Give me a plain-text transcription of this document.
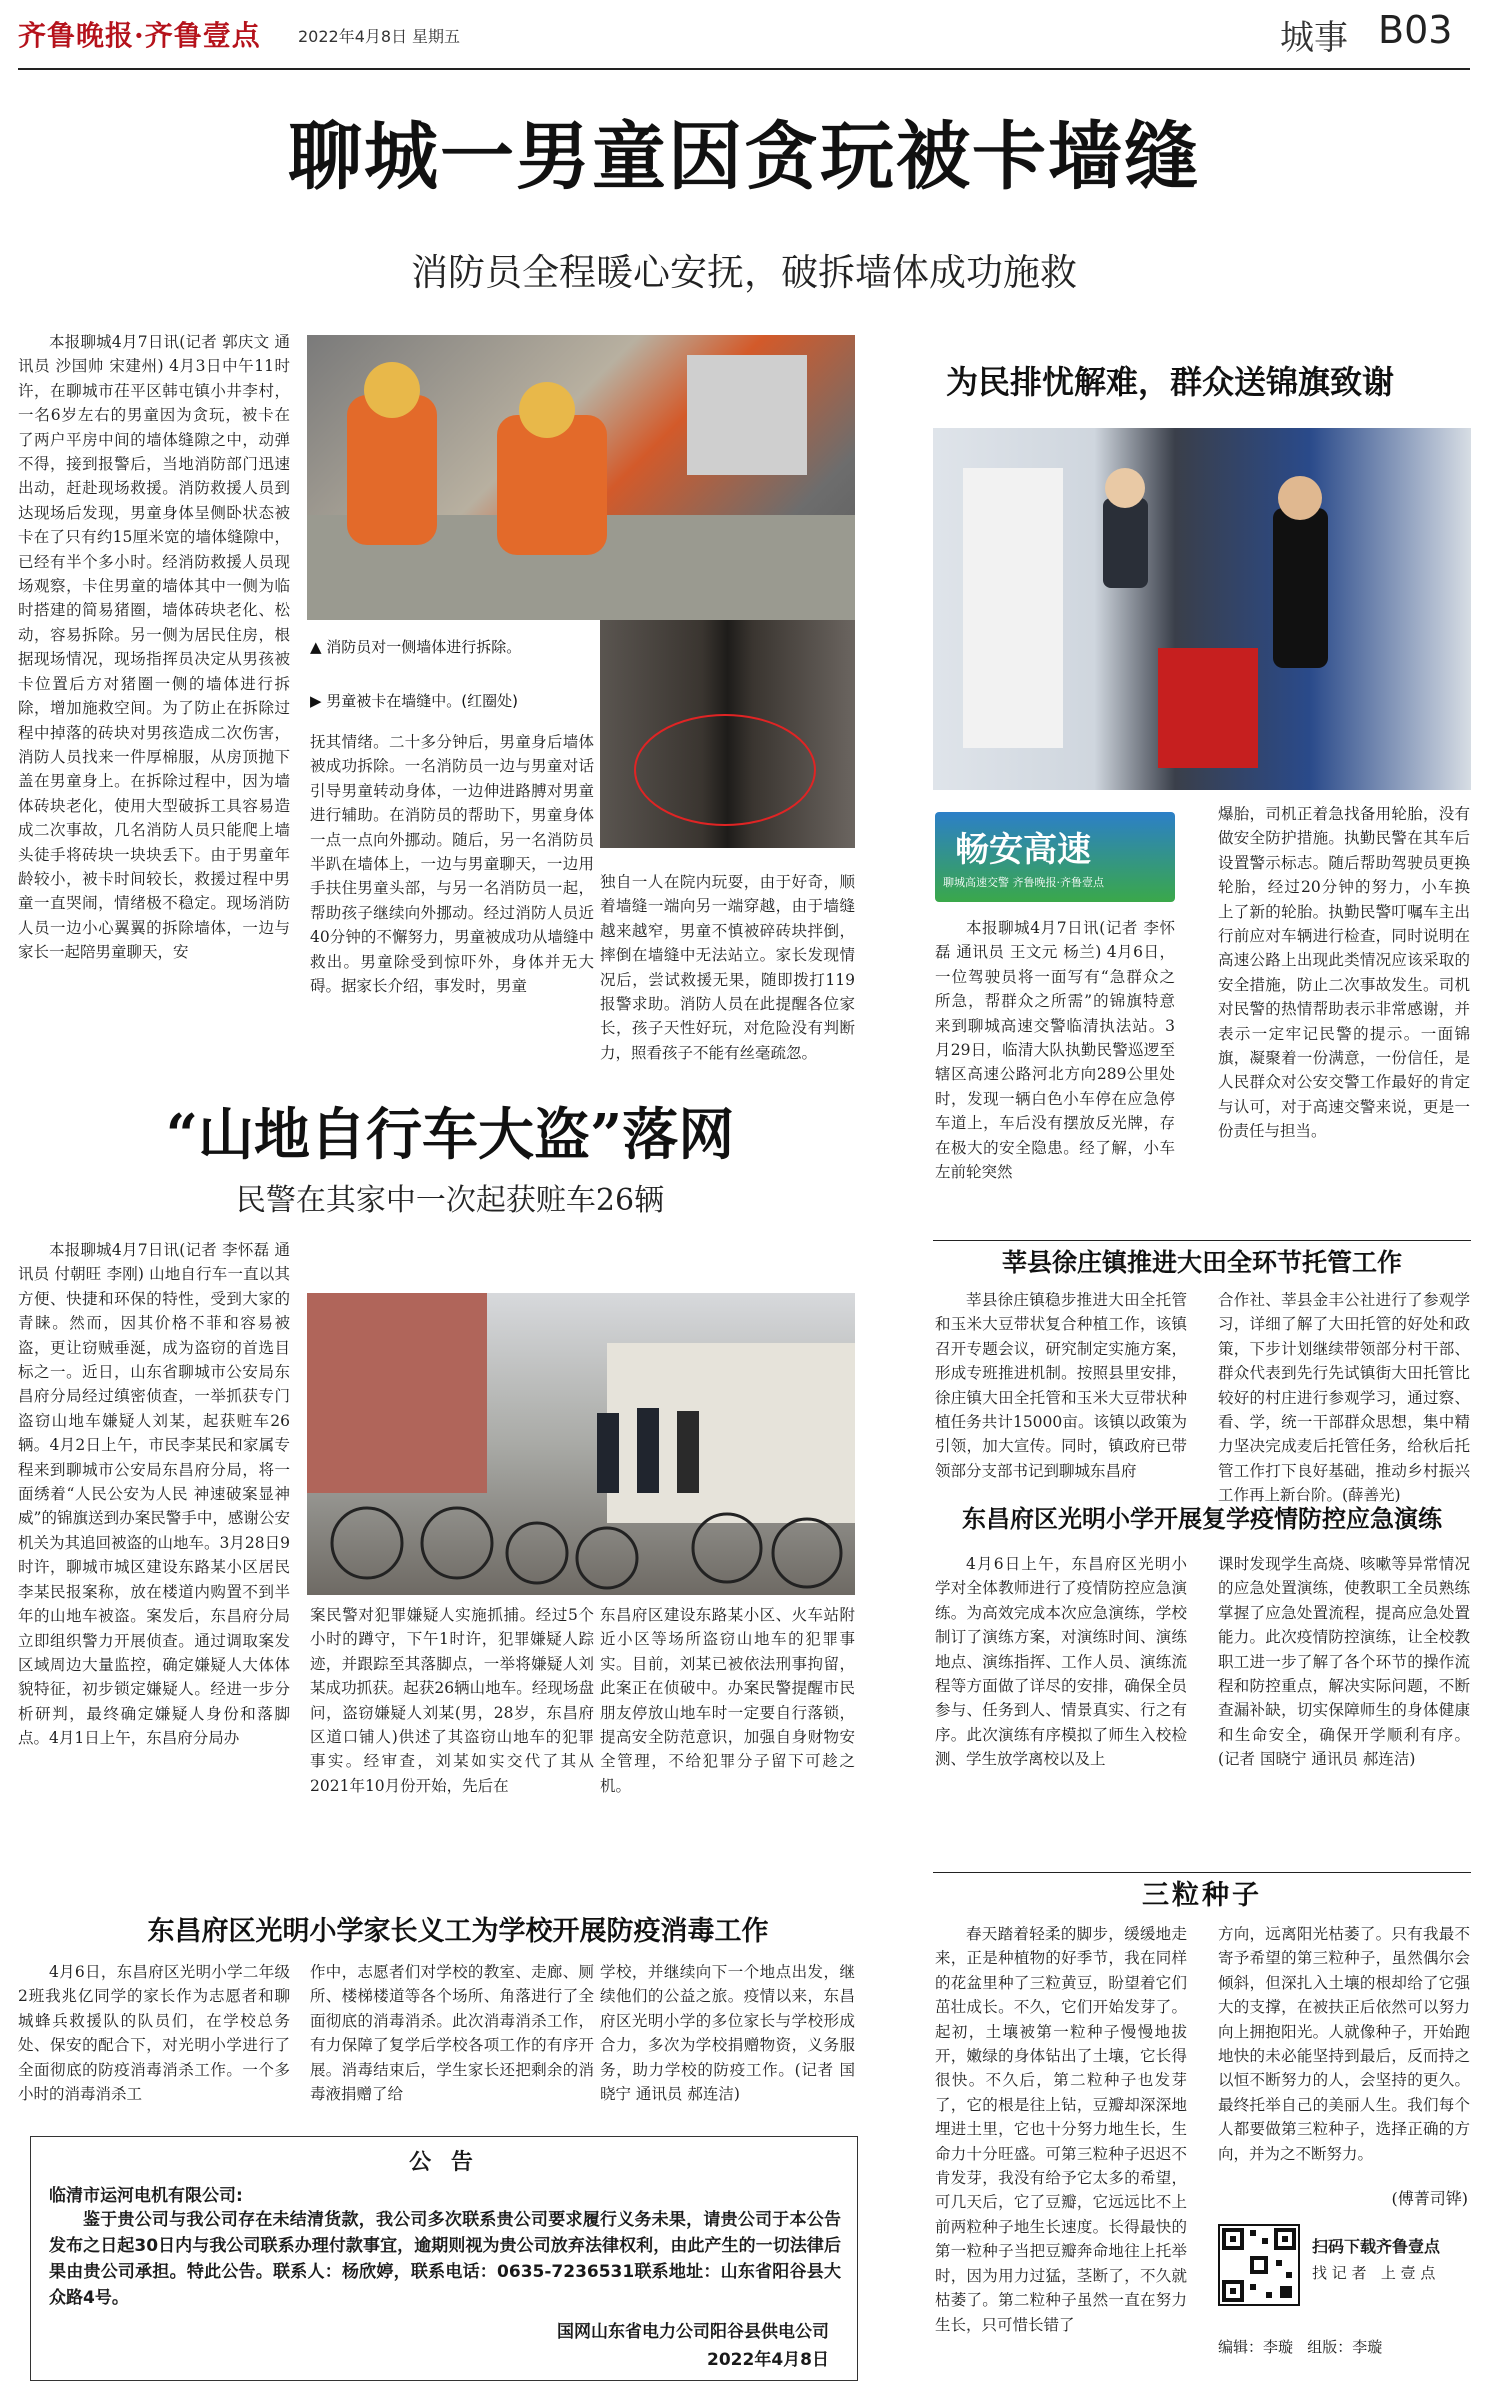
齐鲁晚报·齐鲁壹点 2022年4月8日 星期五	城事 B03
聊城一男童因贪玩被卡墙缝
消防员全程暖心安抚，破拆墙体成功施救
本报聊城4月7日讯(记者 郭庆文 通讯员 沙国帅 宋建州) 4月3日中午11时许，在聊城市茌平区韩屯镇小井李村，一名6岁左右的男童因为贪玩，被卡在了两户平房中间的墙体缝隙之中，动弹不得，接到报警后，当地消防部门迅速出动，赶赴现场救援。消防救援人员到达现场后发现，男童身体呈侧卧状态被卡在了只有约15厘米宽的墙体缝隙中，已经有半个多小时。经消防救援人员现场观察，卡住男童的墙体其中一侧为临时搭建的简易猪圈，墙体砖块老化、松动，容易拆除。另一侧为居民住房，根据现场情况，现场指挥员决定从男孩被卡位置后方对猪圈一侧的墙体进行拆除，增加施救空间。为了防止在拆除过程中掉落的砖块对男孩造成二次伤害，消防人员找来一件厚棉服，从房顶抛下盖在男童身上。在拆除过程中，因为墙体砖块老化，使用大型破拆工具容易造成二次事故，几名消防人员只能爬上墙头徒手将砖块一块块丢下。由于男童年龄较小，被卡时间较长，救援过程中男童一直哭闹，情绪极不稳定。现场消防人员一边小心翼翼的拆除墙体，一边与家长一起陪男童聊天，安
▲ 消防员对一侧墙体进行拆除。
▶ 男童被卡在墙缝中。(红圈处)
抚其情绪。二十多分钟后，男童身后墙体被成功拆除。一名消防员一边与男童对话引导男童转动身体，一边伸进路膊对男童进行辅助。在消防员的帮助下，男童身体一点一点向外挪动。随后，另一名消防员半趴在墙体上，一边与男童聊天，一边用手扶住男童头部，与另一名消防员一起，帮助孩子继续向外挪动。经过消防人员近40分钟的不懈努力，男童被成功从墙缝中救出。男童除受到惊吓外，身体并无大碍。据家长介绍，事发时，男童
独自一人在院内玩耍，由于好奇，顺着墙缝一端向另一端穿越，由于墙缝越来越窄，男童不慎被碎砖块拌倒，摔倒在墙缝中无法站立。家长发现情况后，尝试救援无果，随即拨打119报警求助。消防人员在此提醒各位家长，孩子天性好玩，对危险没有判断力，照看孩子不能有丝毫疏忽。
为民排忧解难，群众送锦旗致谢
畅安高速
聊城高速交警 齐鲁晚报·齐鲁壹点
本报聊城4月7日讯(记者 李怀磊 通讯员 王文元 杨兰) 4月6日，一位驾驶员将一面写有“急群众之所急，帮群众之所需”的锦旗特意来到聊城高速交警临清执法站。3月29日，临清大队执勤民警巡逻至辖区高速公路河北方向289公里处时，发现一辆白色小车停在应急停车道上，车后没有摆放反光牌，存在极大的安全隐患。经了解，小车左前轮突然
爆胎，司机正着急找备用轮胎，没有做安全防护措施。执勤民警在其车后设置警示标志。随后帮助驾驶员更换轮胎，经过20分钟的努力，小车换上了新的轮胎。执勤民警叮嘱车主出行前应对车辆进行检查，同时说明在高速公路上出现此类情况应该采取的安全措施，防止二次事故发生。司机对民警的热情帮助表示非常感谢，并表示一定牢记民警的提示。一面锦旗，凝聚着一份满意，一份信任，是人民群众对公安交警工作最好的肯定与认可，对于高速交警来说，更是一份责任与担当。
“山地自行车大盗”落网
民警在其家中一次起获赃车26辆
本报聊城4月7日讯(记者 李怀磊 通讯员 付朝旺 李刚) 山地自行车一直以其方便、快捷和环保的特性，受到大家的青睐。然而，因其价格不菲和容易被盗，更让窃贼垂涎，成为盗窃的首选目标之一。近日，山东省聊城市公安局东昌府分局经过缜密侦查，一举抓获专门盗窃山地车嫌疑人刘某，起获赃车26辆。4月2日上午，市民李某民和家属专程来到聊城市公安局东昌府分局，将一面绣着“人民公安为人民 神速破案显神威”的锦旗送到办案民警手中，感谢公安机关为其追回被盗的山地车。3月28日9时许，聊城市城区建设东路某小区居民李某民报案称，放在楼道内购置不到半年的山地车被盗。案发后，东昌府分局立即组织警力开展侦查。通过调取案发区域周边大量监控，确定嫌疑人大体体貌特征，初步锁定嫌疑人。经进一步分析研判，最终确定嫌疑人身份和落脚点。4月1日上午，东昌府分局办
案民警对犯罪嫌疑人实施抓捕。经过5个小时的蹲守，下午1时许，犯罪嫌疑人踪迹，并跟踪至其落脚点，一举将嫌疑人刘某成功抓获。起获26辆山地车。经现场盘问，盗窃嫌疑人刘某(男，28岁，东昌府区道口铺人)供述了其盗窃山地车的犯罪事实。经审查，刘某如实交代了其从2021年10月份开始，先后在
东昌府区建设东路某小区、火车站附近小区等场所盗窃山地车的犯罪事实。目前，刘某已被依法刑事拘留，此案正在侦破中。办案民警提醒市民朋友停放山地车时一定要自行落锁，提高安全防范意识，加强自身财物安全管理，不给犯罪分子留下可趁之机。
莘县徐庄镇推进大田全环节托管工作
莘县徐庄镇稳步推进大田全托管和玉米大豆带状复合种植工作，该镇召开专题会议，研究制定实施方案，形成专班推进机制。按照县里安排，徐庄镇大田全托管和玉米大豆带状种植任务共计15000亩。该镇以政策为引领，加大宣传。同时，镇政府已带领部分支部书记到聊城东昌府
合作社、莘县金丰公社进行了参观学习，详细了解了大田托管的好处和政策，下步计划继续带领部分村干部、群众代表到先行先试镇街大田托管比较好的村庄进行参观学习，通过察、看、学，统一干部群众思想，集中精力坚决完成麦后托管任务，给秋后托管工作打下良好基础，推动乡村振兴工作再上新台阶。(薛善光)
东昌府区光明小学开展复学疫情防控应急演练
4月6日上午，东昌府区光明小学对全体教师进行了疫情防控应急演练。为高效完成本次应急演练，学校制订了演练方案，对演练时间、演练地点、演练指挥、工作人员、演练流程等方面做了详尽的安排，确保全员参与、任务到人、情景真实、行之有序。此次演练有序模拟了师生入校检测、学生放学离校以及上
课时发现学生高烧、咳嗽等异常情况的应急处置演练，使教职工全员熟练掌握了应急处置流程，提高应急处置能力。此次疫情防控演练，让全校教职工进一步了解了各个环节的操作流程和防控重点，解决实际问题，不断查漏补缺，切实保障师生的身体健康和生命安全，确保开学顺利有序。(记者 国晓宁 通讯员 郝连洁)
东昌府区光明小学家长义工为学校开展防疫消毒工作
4月6日，东昌府区光明小学二年级2班我兆亿同学的家长作为志愿者和聊城蜂兵救援队的队员们，在学校总务处、保安的配合下，对光明小学进行了全面彻底的防疫消毒消杀工作。一个多小时的消毒消杀工
作中，志愿者们对学校的教室、走廊、厕所、楼梯楼道等各个场所、角落进行了全面彻底的消毒消杀。此次消毒消杀工作，有力保障了复学后学校各项工作的有序开展。消毒结束后，学生家长还把剩余的消毒液捐赠了给
学校，并继续向下一个地点出发，继续他们的公益之旅。疫情以来，东昌府区光明小学的多位家长与学校形成合力，多次为学校捐赠物资，义务服务，助力学校的防疫工作。(记者 国晓宁 通讯员 郝连洁)
公 告
临清市运河电机有限公司:
鉴于贵公司与我公司存在未结清货款，我公司多次联系贵公司要求履行义务未果，请贵公司于本公告发布之日起30日内与我公司联系办理付款事宜，逾期则视为贵公司放弃法律权利，由此产生的一切法律后果由贵公司承担。特此公告。联系人：杨欣婷，联系电话：0635-7236531联系地址：山东省阳谷县大众路4号。
国网山东省电力公司阳谷县供电公司
2022年4月8日
三粒种子
春天踏着轻柔的脚步，缓缓地走来，正是种植物的好季节，我在同样的花盆里种了三粒黄豆，盼望着它们茁壮成长。不久，它们开始发芽了。起初，土壤被第一粒种子慢慢地拔开，嫩绿的身体钻出了土壤，它长得很快。不久后，第二粒种子也发芽了，它的根是往上钻，豆瓣却深深地埋进土里，它也十分努力地生长，生命力十分旺盛。可第三粒种子迟迟不肯发芽，我没有给予它太多的希望，可几天后，它了豆瓣，它远远比不上前两粒种子地生长速度。长得最快的第一粒种子当把豆瓣奔命地往上托举时，因为用力过猛，茎断了，不久就枯萎了。第二粒种子虽然一直在努力生长，只可惜长错了
方向，远离阳光枯萎了。只有我最不寄予希望的第三粒种子，虽然偶尔会倾斜，但深扎入土壤的根却给了它强大的支撑，在被扶正后依然可以努力向上拥抱阳光。人就像种子，开始跑地快的未必能坚持到最后，反而持之以恒不断努力的人，会坚持的更久。最终托举自己的美丽人生。我们每个人都要做第三粒种子，选择正确的方向，并为之不断努力。
(傅菁司铧)
扫码下载齐鲁壹点
找 记 者   上 壹 点
编辑：李璇   组版：李璇
